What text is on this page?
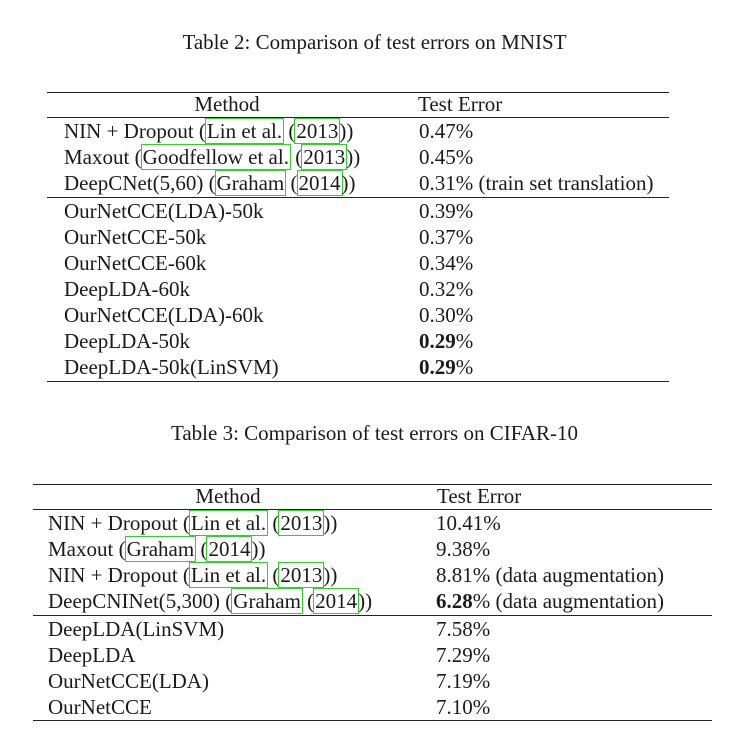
Table 2: Comparison of test errors on MNIST
Method	Test Error
NIN + Dropout (Lin et al. (2013))	0.47%
Maxout (Goodfellow et al. (2013))	0.45%
DeepCNet(5,60) (Graham (2014))	0.31% (train set translation)
OurNetCCE(LDA)-50k	0.39%
OurNetCCE-50k	0.37%
OurNetCCE-60k	0.34%
DeepLDA-60k	0.32%
OurNetCCE(LDA)-60k	0.30%
DeepLDA-50k	0.29%
DeepLDA-50k(LinSVM)	0.29%
Table 3: Comparison of test errors on CIFAR-10
Method	Test Error
NIN + Dropout (Lin et al. (2013))	10.41%
Maxout (Graham (2014))	9.38%
NIN + Dropout (Lin et al. (2013))	8.81% (data augmentation)
DeepCNINet(5,300) (Graham (2014))	6.28% (data augmentation)
DeepLDA(LinSVM)	7.58%
DeepLDA	7.29%
OurNetCCE(LDA)	7.19%
OurNetCCE	7.10%
